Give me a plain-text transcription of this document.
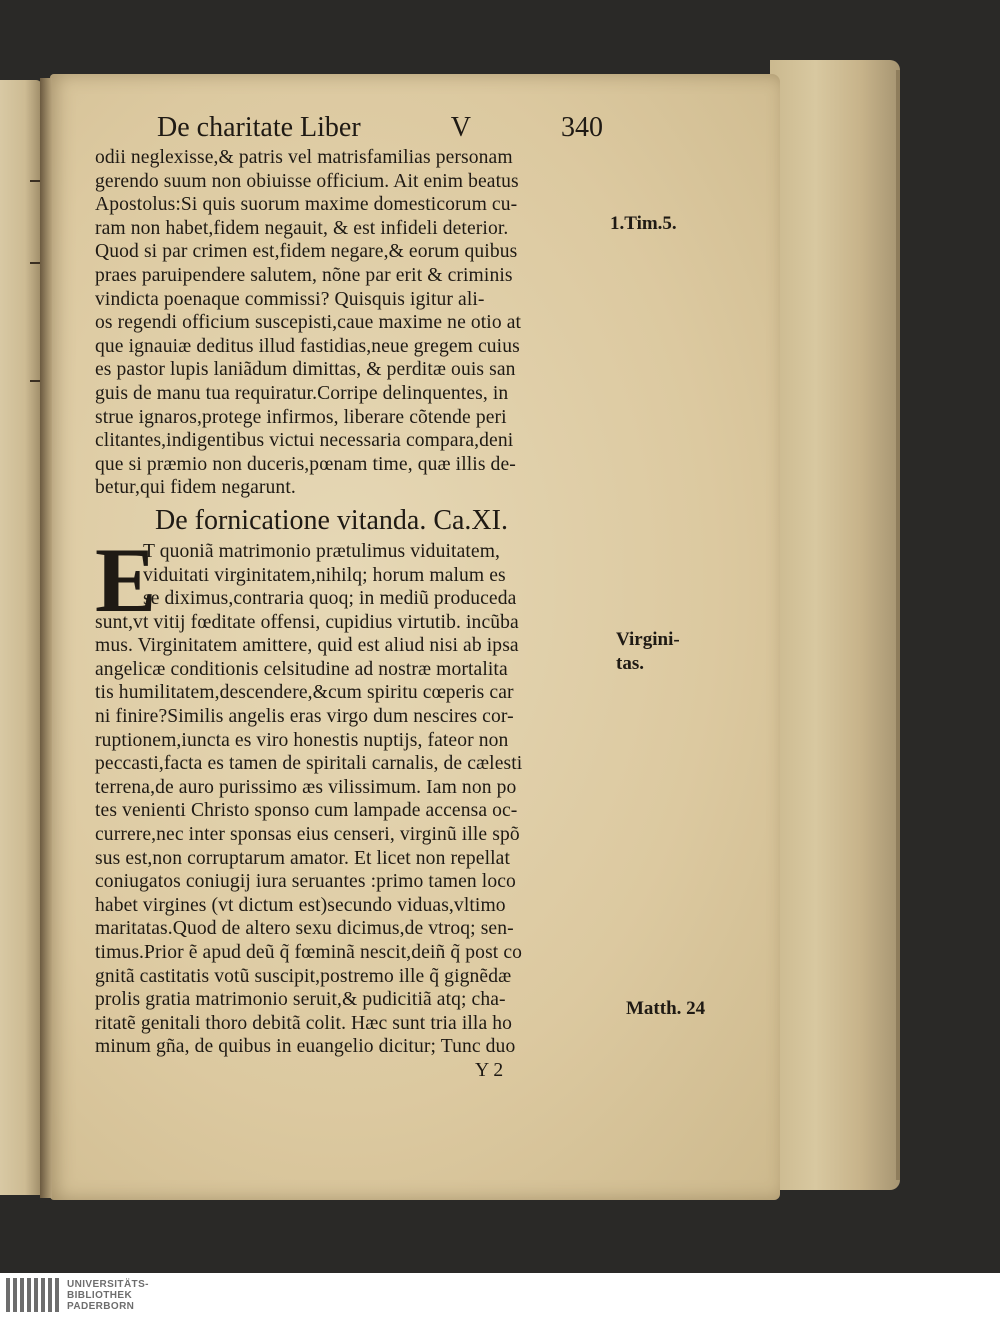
De charitate Liber	V	340
odii neglexisse,& patris vel matrisfamilias personam
gerendo suum non obiuisse officium. Ait enim beatus
Apostolus:Si quis suorum maxime domesticorum cu-
ram non habet,fidem negauit, & est infideli deterior.
Quod si par crimen est,fidem negare,& eorum quibus
praes paruipendere salutem, nõne par erit & criminis
vindicta poenaque commissi? Quisquis igitur ali-
os regendi officium suscepisti,caue maxime ne otio at
que ignauiæ deditus illud fastidias,neue gregem cuius
es pastor lupis laniãdum dimittas, & perditæ ouis san
guis de manu tua requiratur.Corripe delinquentes, in
strue ignaros,protege infirmos, liberare cõtende peri
clitantes,indigentibus victui necessaria compara,deni
que si præmio non duceris,pœnam time, quæ illis de-
betur,qui fidem negarunt.
De fornicatione vitanda. Ca.XI.
E
T quoniã matrimonio prætulimus viduitatem,
viduitati virginitatem,nihilq; horum malum es
se diximus,contraria quoq; in mediũ produceda
sunt,vt vitij fœditate offensi, cupidius virtutib. incũba
mus. Virginitatem amittere, quid est aliud nisi ab ipsa
angelicæ conditionis celsitudine ad nostræ mortalita
tis humilitatem,descendere,&cum spiritu cœperis car
ni finire?Similis angelis eras virgo dum nescires cor-
ruptionem,iuncta es viro honestis nuptijs, fateor non
peccasti,facta es tamen de spiritali carnalis, de cælesti
terrena,de auro purissimo æs vilissimum. Iam non po
tes venienti Christo sponso cum lampade accensa oc-
currere,nec inter sponsas eius censeri, virginũ ille spõ
sus est,non corruptarum amator. Et licet non repellat
coniugatos coniugij iura seruantes :primo tamen loco
habet virgines (vt dictum est)secundo viduas,vltimo
maritatas.Quod de altero sexu dicimus,de vtroq; sen-
timus.Prior ẽ apud deũ q̃ fœminã nescit,deiñ q̃ post co
gnitã castitatis votũ suscipit,postremo ille q̃ gignẽdæ
prolis gratia matrimonio seruit,& pudicitiã atq; cha-
ritatẽ genitali thoro debitã colit. Hæc sunt tria illa ho
minum gña, de quibus in euangelio dicitur; Tunc duo
Y 2
1.Tim.5.
Virgini-
tas.
Matth. 24
UNIVERSITÄTS-
BIBLIOTHEK
PADERBORN
